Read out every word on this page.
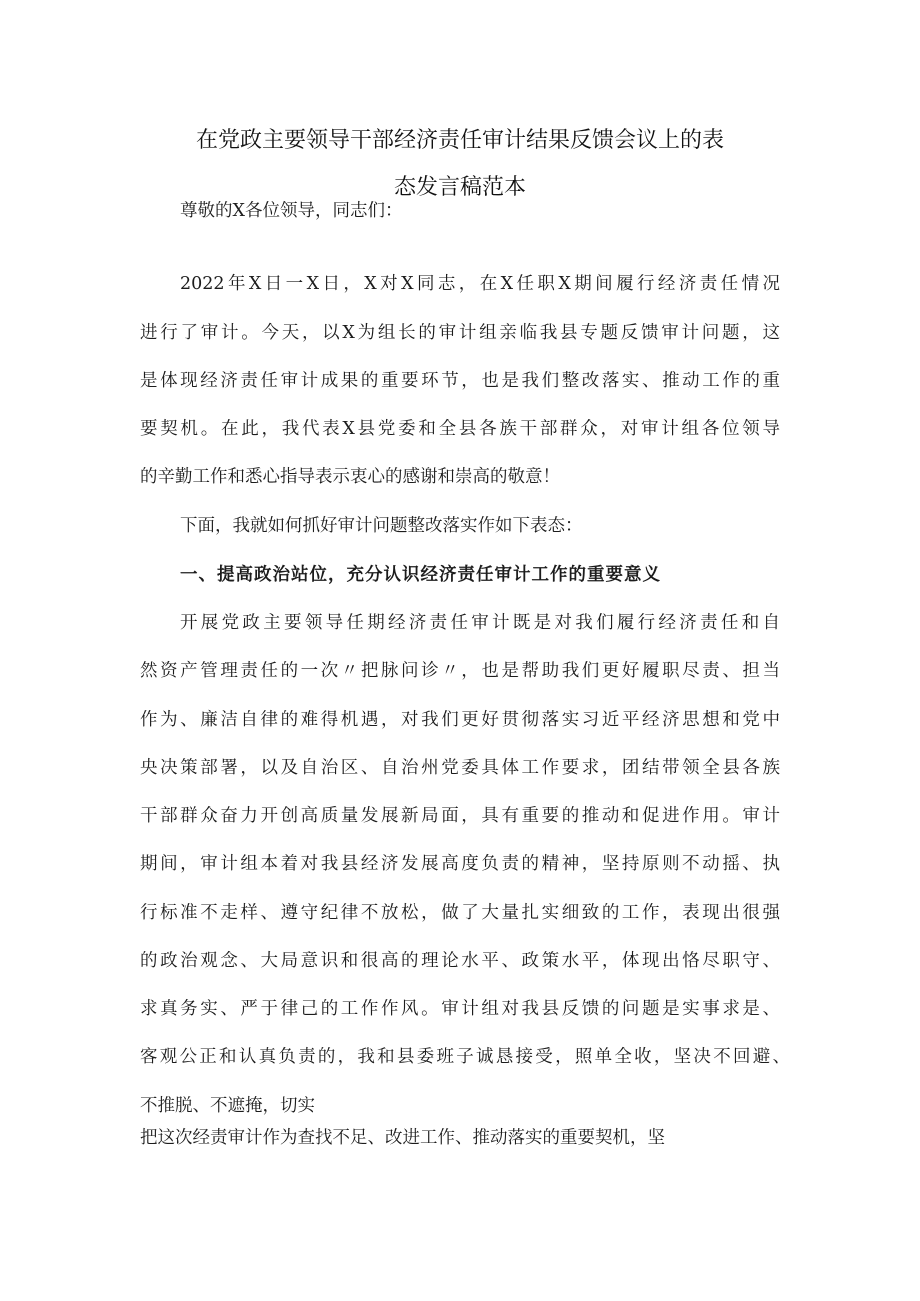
在党政主要领导干部经济责任审计结果反馈会议上的表
态发言稿范本
尊敬的X各位领导，同志们：
2022年X日一X日，X对X同志，在X任职X期间履行经济责任情况
进行了审计。今天，以X为组长的审计组亲临我县专题反馈审计问题，这
是体现经济责任审计成果的重要环节，也是我们整改落实、推动工作的重
要契机。在此，我代表X县党委和全县各族干部群众，对审计组各位领导
的辛勤工作和悉心指导表示衷心的感谢和崇高的敬意！
下面，我就如何抓好审计问题整改落实作如下表态：
一、提高政治站位，充分认识经济责任审计工作的重要意义
开展党政主要领导任期经济责任审计既是对我们履行经济责任和自
然资产管理责任的一次〃把脉问诊〃，也是帮助我们更好履职尽责、担当
作为、廉洁自律的难得机遇，对我们更好贯彻落实习近平经济思想和党中
央决策部署，以及自治区、自治州党委具体工作要求，团结带领全县各族
干部群众奋力开创高质量发展新局面，具有重要的推动和促进作用。审计
期间，审计组本着对我县经济发展高度负责的精神，坚持原则不动摇、执
行标准不走样、遵守纪律不放松，做了大量扎实细致的工作，表现出很强
的政治观念、大局意识和很高的理论水平、政策水平，体现出恪尽职守、
求真务实、严于律己的工作作风。审计组对我县反馈的问题是实事求是、
客观公正和认真负责的，我和县委班子诚恳接受，照单全收，坚决不回避、
不推脱、不遮掩，切实
把这次经责审计作为查找不足、改进工作、推动落实的重要契机，坚
